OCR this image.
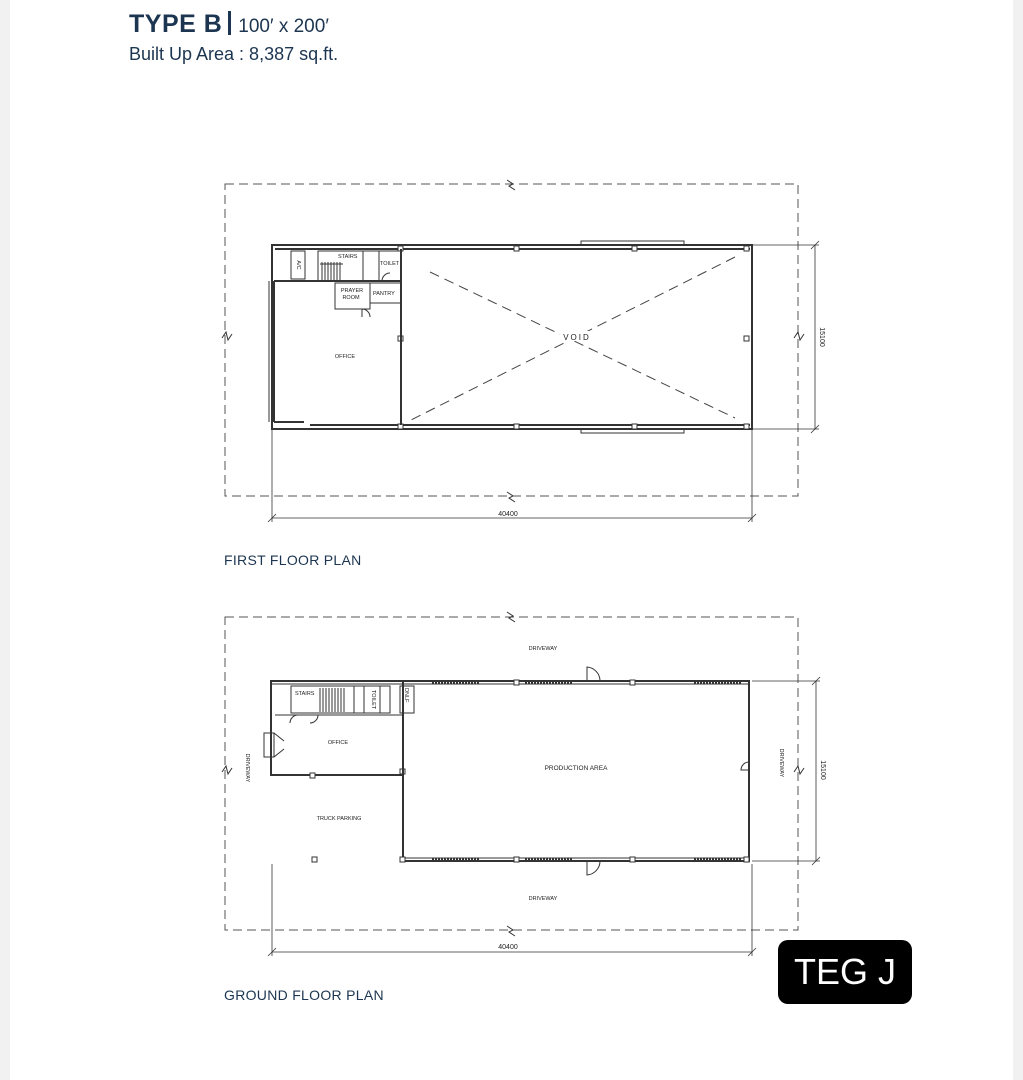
TYPE B 100′ x 200′
Built Up Area : 8,387 sq.ft.
A/C
STAIRS
TOILET
PRAYER
ROOM
PANTRY
OFFICE
VOID
40400
15100
STAIRS	TOILET	DNLF
OFFICE
TRUCK PARKING
PRODUCTION AREA
DRIVEWAY
DRIVEWAY
DRIVEWAY	DRIVEWAY
40400
15100
FIRST FLOOR PLAN
GROUND FLOOR PLAN
TEG J
